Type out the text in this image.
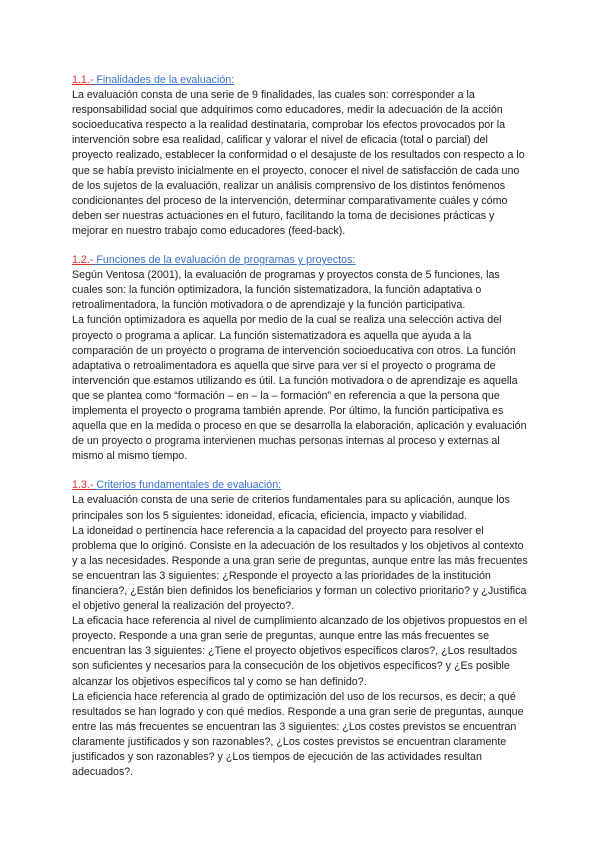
1.1.- Finalidades de la evaluación:

La evaluación consta de una serie de 9 finalidades, las cuales son: corresponder a la responsabilidad social que adquirimos como educadores, medir la adecuación de la acción socioeducativa respecto a la realidad destinataria, comprobar los efectos provocados por la intervención sobre esa realidad, calificar y valorar el nivel de eficacia (total o parcial) del proyecto realizado, establecer la conformidad o el desajuste de los resultados con respecto a lo que se había previsto inicialmente en el proyecto, conocer el nivel de satisfacción de cada uno de los sujetos de la evaluación, realizar un análisis comprensivo de los distintos fenómenos condicionantes del proceso de la intervención, determinar comparativamente cuáles y cómo deben ser nuestras actuaciones en el futuro, facilitando la toma de decisiones prácticas y mejorar en nuestro trabajo como educadores (feed-back).

1.2.- Funciones de la evaluación de programas y proyectos:

Según Ventosa (2001), la evaluación de programas y proyectos consta de 5 funciones, las cuales son: la función optimizadora, la función sistematizadora, la función adaptativa o retroalimentadora, la función motivadora o de aprendizaje y la función participativa.

La función optimizadora es aquella por medio de la cual se realiza una selección activa del proyecto o programa a aplicar. La función sistematizadora es aquella que ayuda a la comparación de un proyecto o programa de intervención socioeducativa con otros. La función adaptativa o retroalimentadora es aquella que sirve para ver si el proyecto o programa de intervención que estamos utilizando es útil. La función motivadora o de aprendizaje es aquella que se plantea como “formación – en – la – formación” en referencia a que la persona que implementa el proyecto o programa también aprende. Por último, la función participativa es aquella que en la medida o proceso en que se desarrolla la elaboración, aplicación y evaluación de un proyecto o programa intervienen muchas personas internas al proceso y externas al mismo al mismo tiempo.

1.3.- Criterios fundamentales de evaluación:

La evaluación consta de una serie de criterios fundamentales para su aplicación, aunque los principales son los 5 siguientes: idoneidad, eficacia, eficiencia, impacto y viabilidad.

La idoneidad o pertinencia hace referencia a la capacidad del proyecto para resolver el problema que lo originó. Consiste en la adecuación de los resultados y los objetivos al contexto y a las necesidades. Responde a una gran serie de preguntas, aunque entre las más frecuentes se encuentran las 3 siguientes: ¿Responde el proyecto a las prioridades de la institución financiera?, ¿Están bien definidos los beneficiarios y forman un colectivo prioritario? y ¿Justifica el objetivo general la realización del proyecto?.

La eficacia hace referencia al nivel de cumplimiento alcanzado de los objetivos propuestos en el proyecto. Responde a una gran serie de preguntas, aunque entre las más frecuentes se encuentran las 3 siguientes: ¿Tiene el proyecto objetivos específicos claros?, ¿Los resultados son suficientes y necesarios para la consecución de los objetivos específicos? y ¿Es posible alcanzar los objetivos específicos tal y como se han definido?.

La eficiencia hace referencia al grado de optimización del uso de los recursos, es decir; a qué resultados se han logrado y con qué medios. Responde a una gran serie de preguntas, aunque entre las más frecuentes se encuentran las 3 siguientes: ¿Los costes previstos se encuentran claramente justificados y son razonables?, ¿Los costes previstos se encuentran claramente justificados y son razonables? y ¿Los tiempos de ejecución de las actividades resultan adecuados?.
